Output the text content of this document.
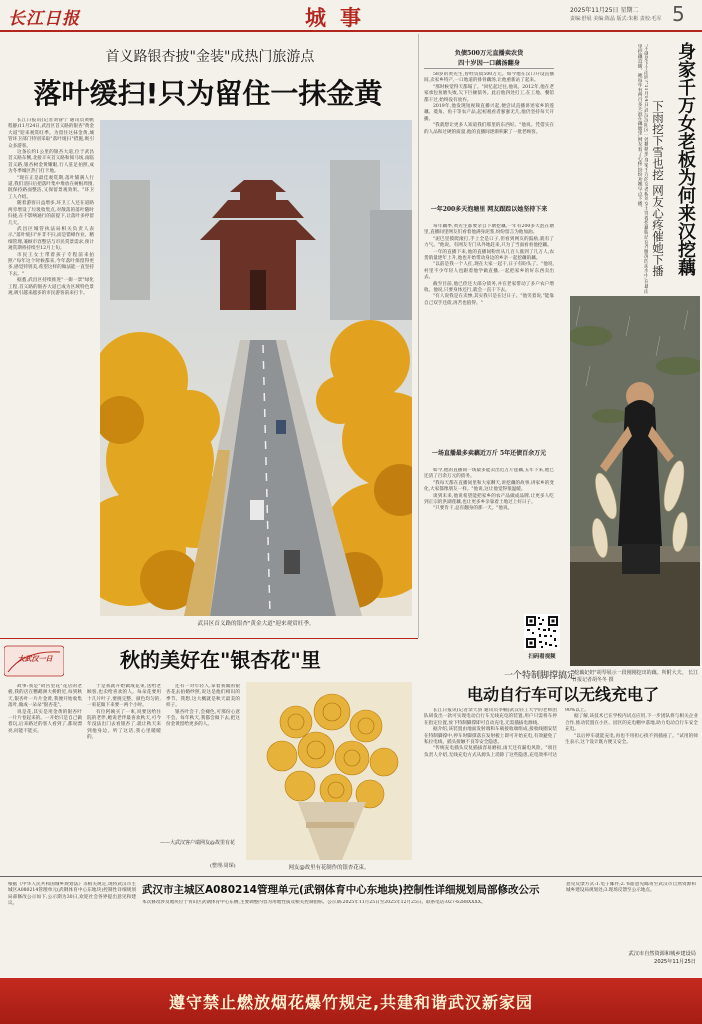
长江日报	城事	2025年11月25日 星期二
责编:舒展 美编:陈晶 版式:朱彬 责校:毛军 5
首义路银杏披"金装"成热门旅游点
落叶缓扫!只为留住一抹金黄

长江日报讯(记者刘睿宁 通讯员黄帆 程静)11月24日,武昌区首义路的银杏"黄金大道"迎来观赏旺季。为留住这抹金黄,城管环卫部门特别采取"落叶缓扫"措施,吸引众多游客。

这条长约1公里的银杏大道,位于武昌首义路东侧,北接辛亥首义路和阅马场,南临首义路,银杏树金黄耀眼,行人驻足拍照,成为冬季城区热门打卡地。

"现在正是最佳观赏期,落叶铺满人行道,我们清扫后把落叶集中堆放在树根周围,既保持路面整洁,又保留景观效果。"环卫工人介绍。

随着游客日益增多,环卫工人还在道路两旁增设了垃圾收集点,对散落的落叶随时归拢,在不影响通行的前提下,让落叶多停留几天。

武昌区城管执法局相关负责人表示,"落叶缓扫"并非不扫,而是错峰作业、精细管理,兼顾市容整洁与市民赏景需求,预计观赏期将持续至12月上旬。

市民王女士带着孩子专程前来拍照:"每年这个时候都来,今年落叶保留得更多,感觉特别美,希望这样的做法能一直坚持下去。"

据悉,武昌区持续推进"一街一景"绿化工程,首义路的银杏大道已成为区域特色景观,吸引越来越多的市民游客前来打卡。

武昌区首义路的银杏"黄金大道"迎来观赏旺季。
负债500万元直播卖农货
四十岁因一口藕汤翻身

58岁的黄先生,曾经负债500万元。如今他在汉口开设直播间,卖家乡特产,一口地道的排骨藕汤,让他重新站了起来。

"那时候觉得天都塌了。"回忆起过往,他说。2012年,他在老家承包鱼塘失败,欠下巨额债务。此后他四处打工,在工地、餐馆都干过,始终没有放弃。

2019年,他发现短视频直播兴起,便尝试直播讲述家乡的莲藕、菱角、鱼干等农产品,起初观看者寥寥无几,他仍坚持每天开播。

"我就想让更多人知道我们那里的东西好。"他说。凭借实在的人品和过硬的质量,他的直播间逐渐积累了一批老顾客。

一年200多天泡塘里 网友跟踪以她坚持下来

每年藕季,黄先生都要亲自下塘挖藕,一年有200多天泡在塘里,直播间里网友们看着他满身泥浆,纷纷留言为他加油。

"泥巴里摸爬滚打,手上全是口子,但看到网友的鼓励,就有了力气。"他说。有网友专门从外地赶来,只为了当面看看他挖藕。

一年的直播下来,他的直播间粉丝从几百人涨到了几万人,农货销量逐年上升,他也开始带动身边的乡亲一起挖藕销藕。

"以前是我一个人扛,现在大家一起干,日子有盼头了。"他说,村里不少年轻人也跟着他学做直播,一起把家乡的好东西卖出去。

截至目前,他已偿还大部分债务,并在老家带动了多户农户增收。他说,只要身体还行,就会一直干下去。

"有人说我是在卖惨,其实我只是在过日子。"他笑着说,"能靠自己双手还债,再苦也值得。"

一场直播最多卖藕近万斤 5年还债百余万元

如今,他的直播间一场最多能卖出近万斤莲藕,五年下来,他已还清了百余万元的债务。

"我每天都在直播间里和大家聊天,讲挖藕的故事,讲家乡的变化,大家都像朋友一样。"他说,这让他觉得很温暖。

谈到未来,他说希望能把家乡的农产品做成品牌,让更多人吃到正宗的洪湖莲藕,也让更多乡亲靠着土地过上好日子。

"只要肯干,总有翻身的那一天。"他说。

扫码看视频
身家千万女老板为何来汉挖藕
下雨挖下雪也挖 网友心疼催她下播
"不就是下个雨吗?"11月14日,武汉汉阳区一处藕塘里,身家千万的女老板刘女士穿着挖藕服站在齐腰深的泥水中,在暴雨里挖藕直播。她每年有两百多天泡在藕塘里,网友看了心疼,纷纷劝她早点下播。
"挖藕妃奶"胡琴展示一段刚刚挖出的藕。所附大夫。 长江日报记者胡冬冬 摄
大武汉一日	秋的美好在"银杏花"里

故事:我是"故宫里花"花店的老板,我的店在鹦鹉洲大桥附近,每到秋天,银杏叶一片片金黄,我便开始收集落叶,做成一朵朵"银杏花"。

说是花,其实是用金黄的银杏叶一片片卷起来的。一开始只是自己做着玩,后来路过的客人看到了,都说漂亮,问能不能买。

于是我就开始做成花束,送给老顾客,也卖给喜欢的人。每朵花要用十几片叶子,要挑完整、颜色均匀的,一束花做下来要一两个小时。

有位阿姨买了一束,说要送给住院的老伴,她说老伴最喜欢秋天,可今年没法出门去看银杏了,就让秋天来到他身边。听了这话,我心里暖暖的。

还有一对年轻人,拿着我做的银杏花去拍婚纱照,说这是他们相识的季节。我想,这大概就是秋天最美的样子。

银杏叶会干,会褪色,可那份心意不会。每年秋天,我都会做下去,把这份金黄留给更多的人。

——大武汉客户端网友@故里有花
(整理:周琛)	网友@故里有花制作的银杏花束。
一个特制脚撑搞定
电动自行车可以无线充电了

长江日报讯(记者余天骄 通讯员李楠)武汉轻工大学的老师团队研发出一款可实现电动自行车无线充电的装置,用户只需将车停在指定位置,放下特制脚撑即可自动充电,无需插拔电源线。

据介绍,该装置由地面发射端和车载接收端组成,接收线圈安装在特制脚撑中,停车时脚撑落在发射板上即可开始充电,有效避免了私拉电线、插头接触不良等安全隐患。

"传统充电插头反复插拔容易磨损,雨天还有漏电风险。"项目负责人介绍,无线充电方式从源头上消除了这些隐患,充电效率可达90%以上。

据了解,该技术已在学校内试点应用,下一步团队将与相关企业合作,推动装置在小区、园区的充电棚中落地,助力电动自行车安全充电。

"以后停车就能充电,再也不用担心找不到插座了。"试用的师生表示,这个设计既方便又安全。

根据《中华人民共和国城乡规划法》等相关规定,现将武汉市主城区A080214管理单元(武钢体育中心东地块)控制性详细规划局部修改公示如下,公示期为30日,欢迎社会各界提出意见和建议。
武汉市主城区A080214管理单元(武钢体育中心东地块)控制性详细规划局部修改公示
本次修改涉及地块位于青山区武钢体育中心东侧,主要调整内容为用地性质及相关控制指标。公示期:2025年11月25日至2025年12月25日。联系电话:027-6288XXXX。
意见反馈方式:1.电子邮件;2.书面意见邮寄至武汉市自然资源和城乡建设局规划处;3.现场反馈至公示地点。
武汉市自然资源和城乡建设局
2025年11月25日
遵守禁止燃放烟花爆竹规定,共建和谐武汉新家园
